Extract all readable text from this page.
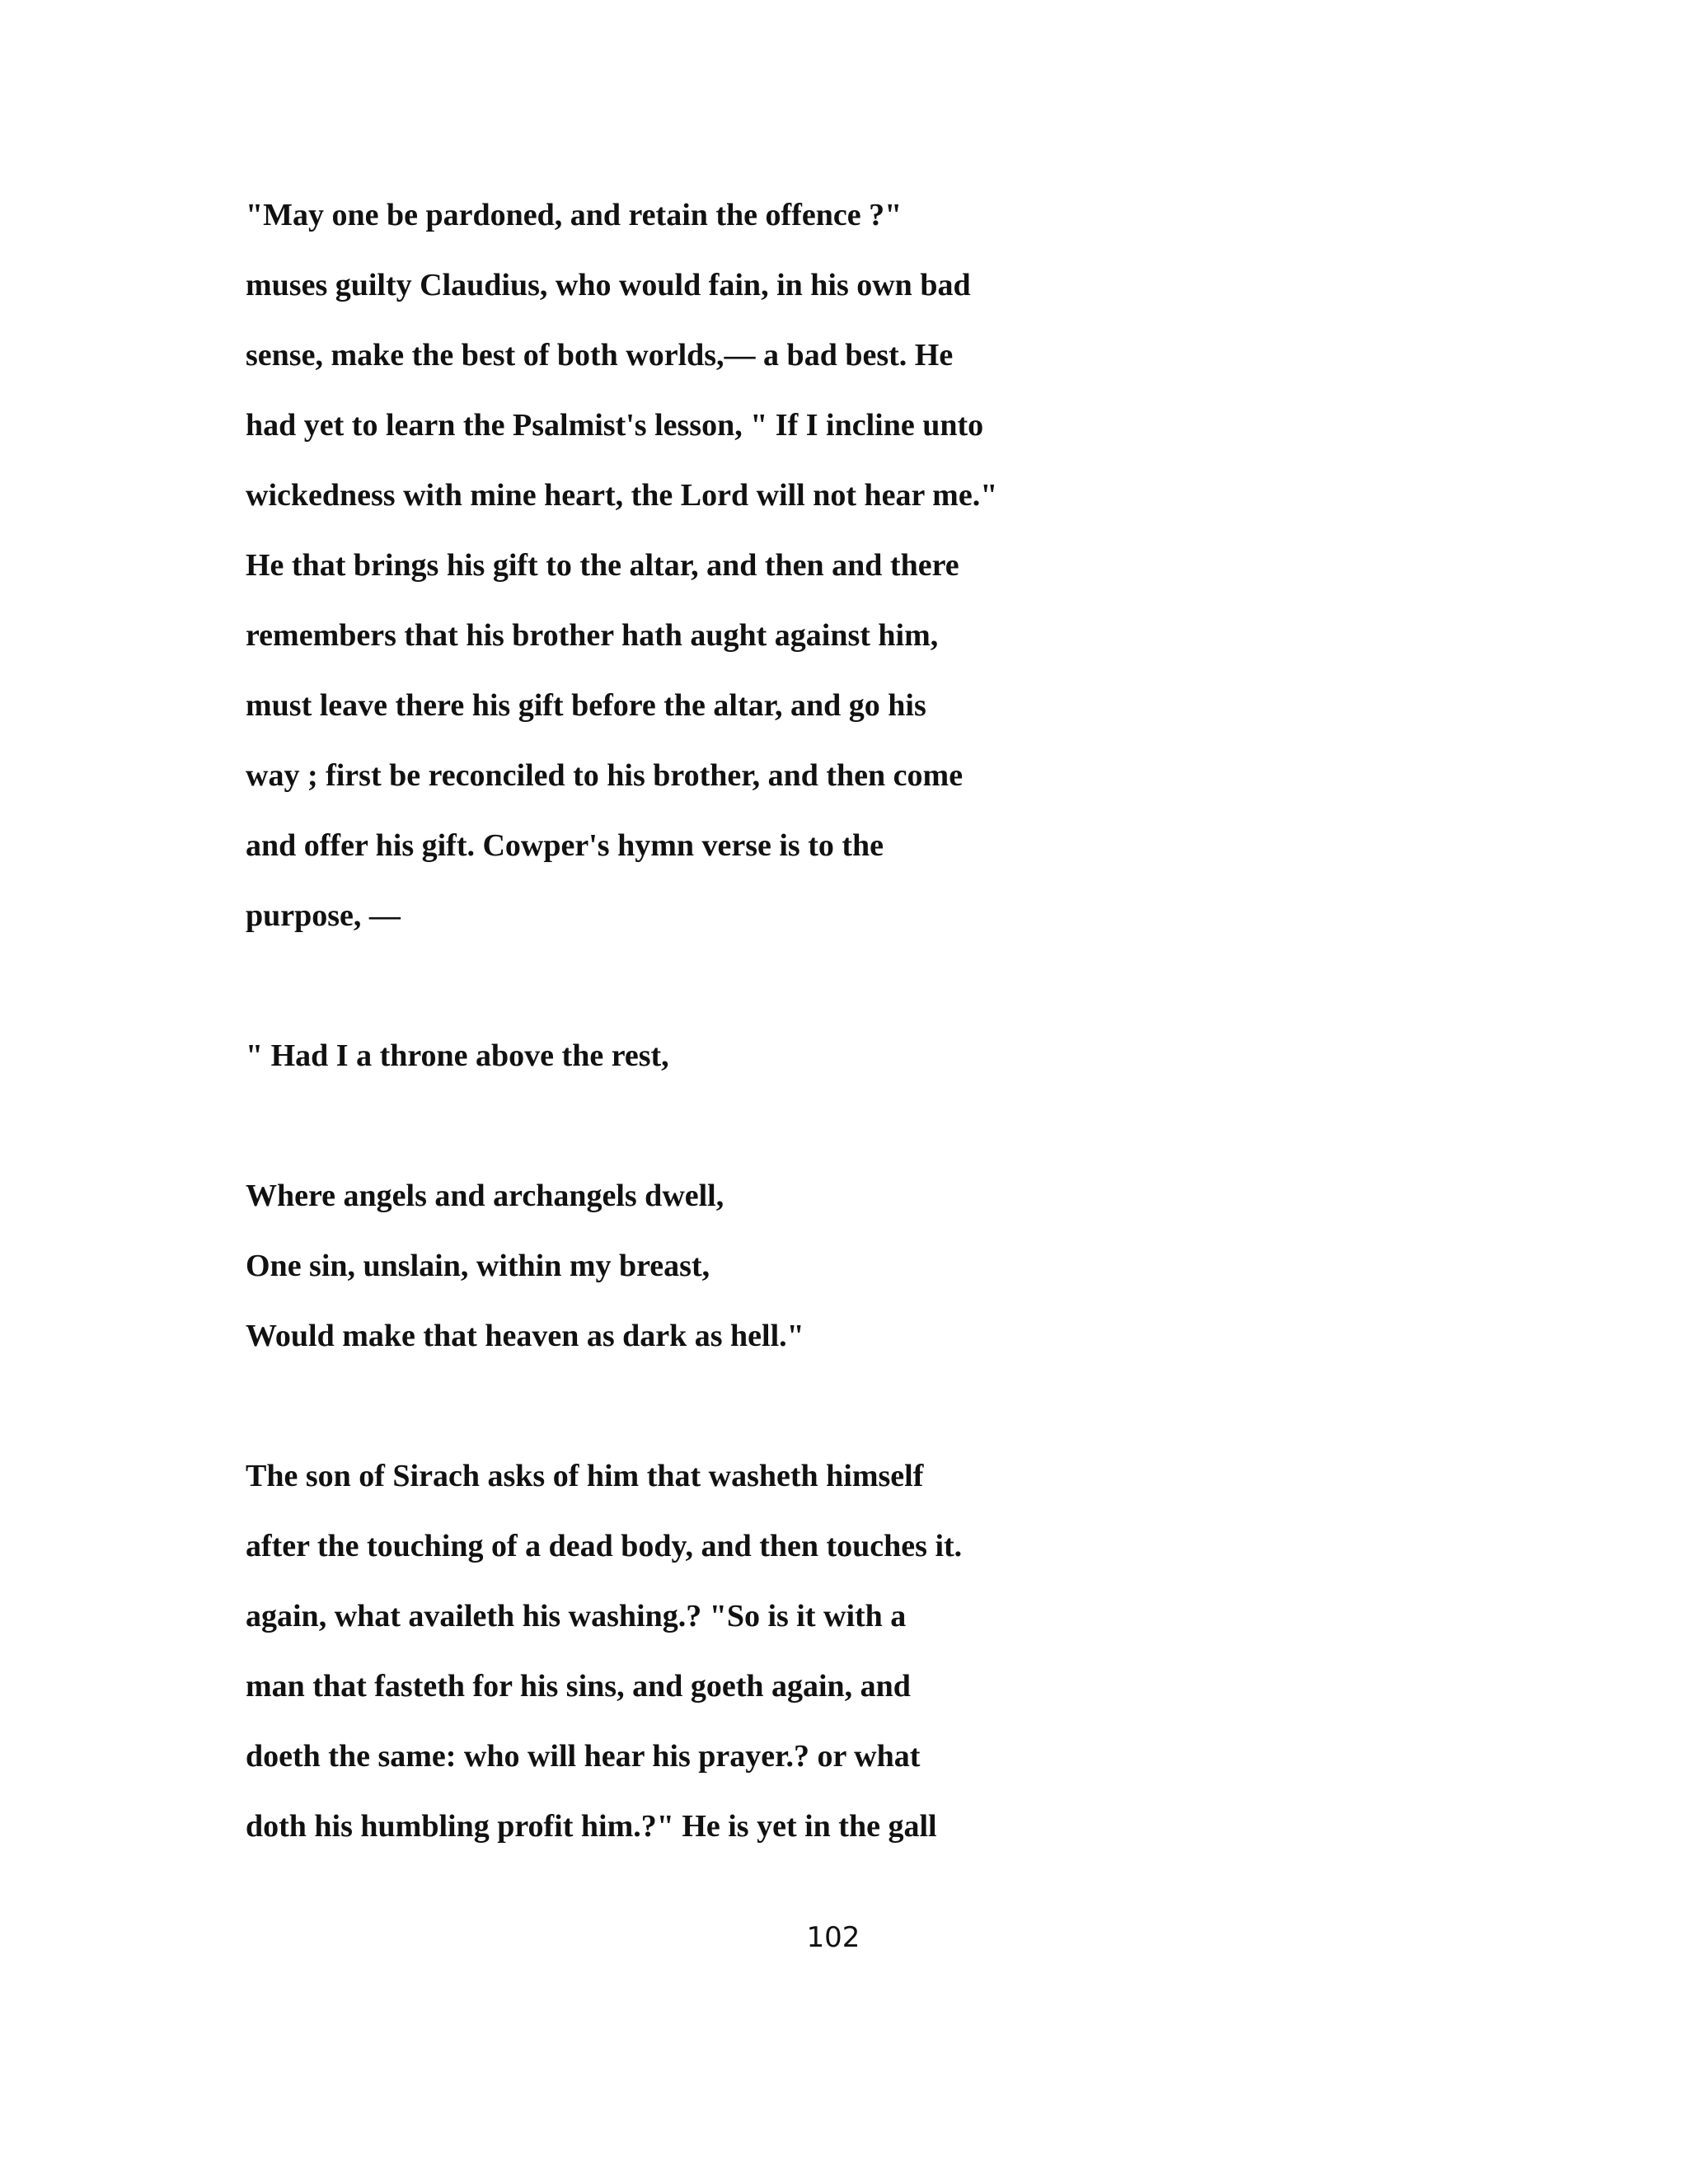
"May one be pardoned, and retain the offence ?"

muses guilty Claudius, who would fain, in his own bad

sense, make the best of both worlds,— a bad best. He

had yet to learn the Psalmist's lesson, " If I incline unto

wickedness with mine heart, the Lord will not hear me."

He that brings his gift to the altar, and then and there

remembers that his brother hath aught against him,

must leave there his gift before the altar, and go his

way ; first be reconciled to his brother, and then come

and offer his gift. Cowper's hymn verse is to the

purpose, —

" Had I a throne above the rest,

Where angels and archangels dwell,

One sin, unslain, within my breast,

Would make that heaven as dark as hell."

The son of Sirach asks of him that washeth himself

after the touching of a dead body, and then touches it.

again, what availeth his washing.? "So is it with a

man that fasteth for his sins, and goeth again, and

doeth the same: who will hear his prayer.? or what

doth his humbling profit him.?" He is yet in the gall

102
